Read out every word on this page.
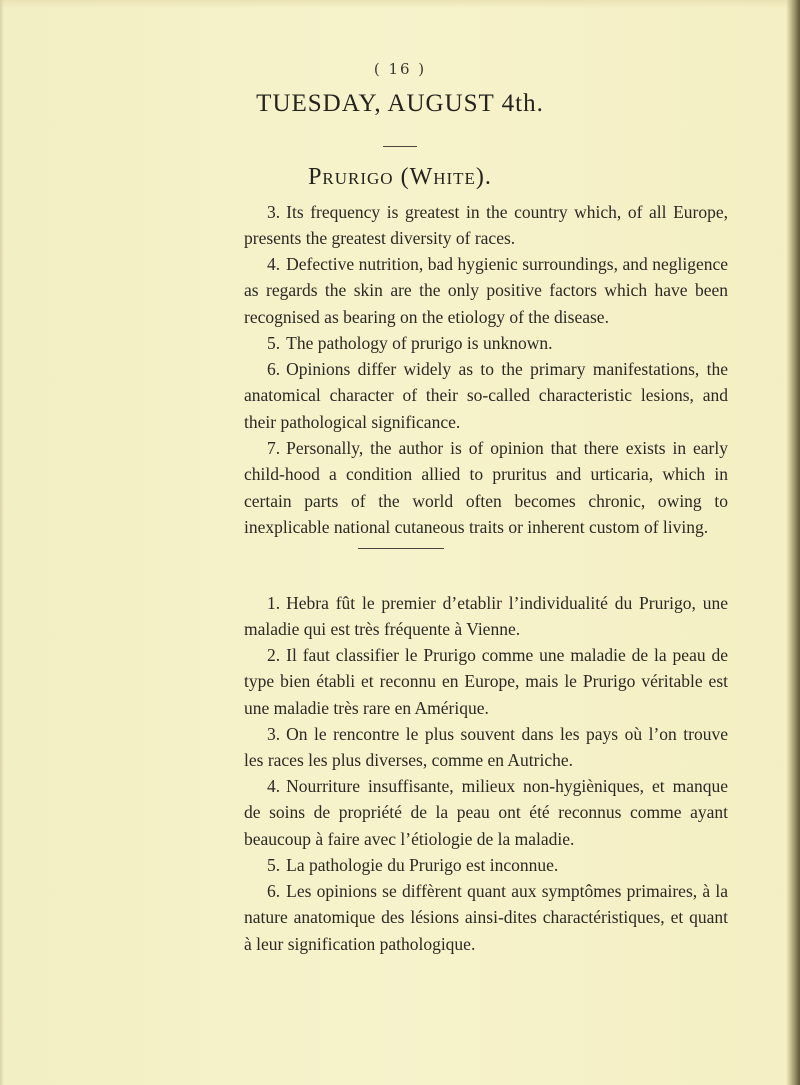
( 16 )
TUESDAY, AUGUST 4th.
Prurigo (White).
3. Its frequency is greatest in the country which, of all Europe, presents the greatest diversity of races.
4. Defective nutrition, bad hygienic surroundings, and negligence as regards the skin are the only positive factors which have been recognised as bearing on the etiology of the disease.
5. The pathology of prurigo is unknown.
6. Opinions differ widely as to the primary manifestations, the anatomical character of their so-called characteristic lesions, and their pathological significance.
7. Personally, the author is of opinion that there exists in early child-hood a condition allied to pruritus and urticaria, which in certain parts of the world often becomes chronic, owing to inexplicable national cutaneous traits or inherent custom of living.
1. Hebra fût le premier d’etablir l’individualité du Prurigo, une maladie qui est très fréquente à Vienne.
2. Il faut classifier le Prurigo comme une maladie de la peau de type bien établi et reconnu en Europe, mais le Prurigo véritable est une maladie très rare en Amérique.
3. On le rencontre le plus souvent dans les pays où l’on trouve les races les plus diverses, comme en Autriche.
4. Nourriture insuffisante, milieux non-hygièniques, et manque de soins de propriété de la peau ont été reconnus comme ayant beaucoup à faire avec l’étiologie de la maladie.
5. La pathologie du Prurigo est inconnue.
6. Les opinions se diffèrent quant aux symptômes primaires, à la nature anatomique des lésions ainsi-dites charactéristiques, et quant à leur signification pathologique.
